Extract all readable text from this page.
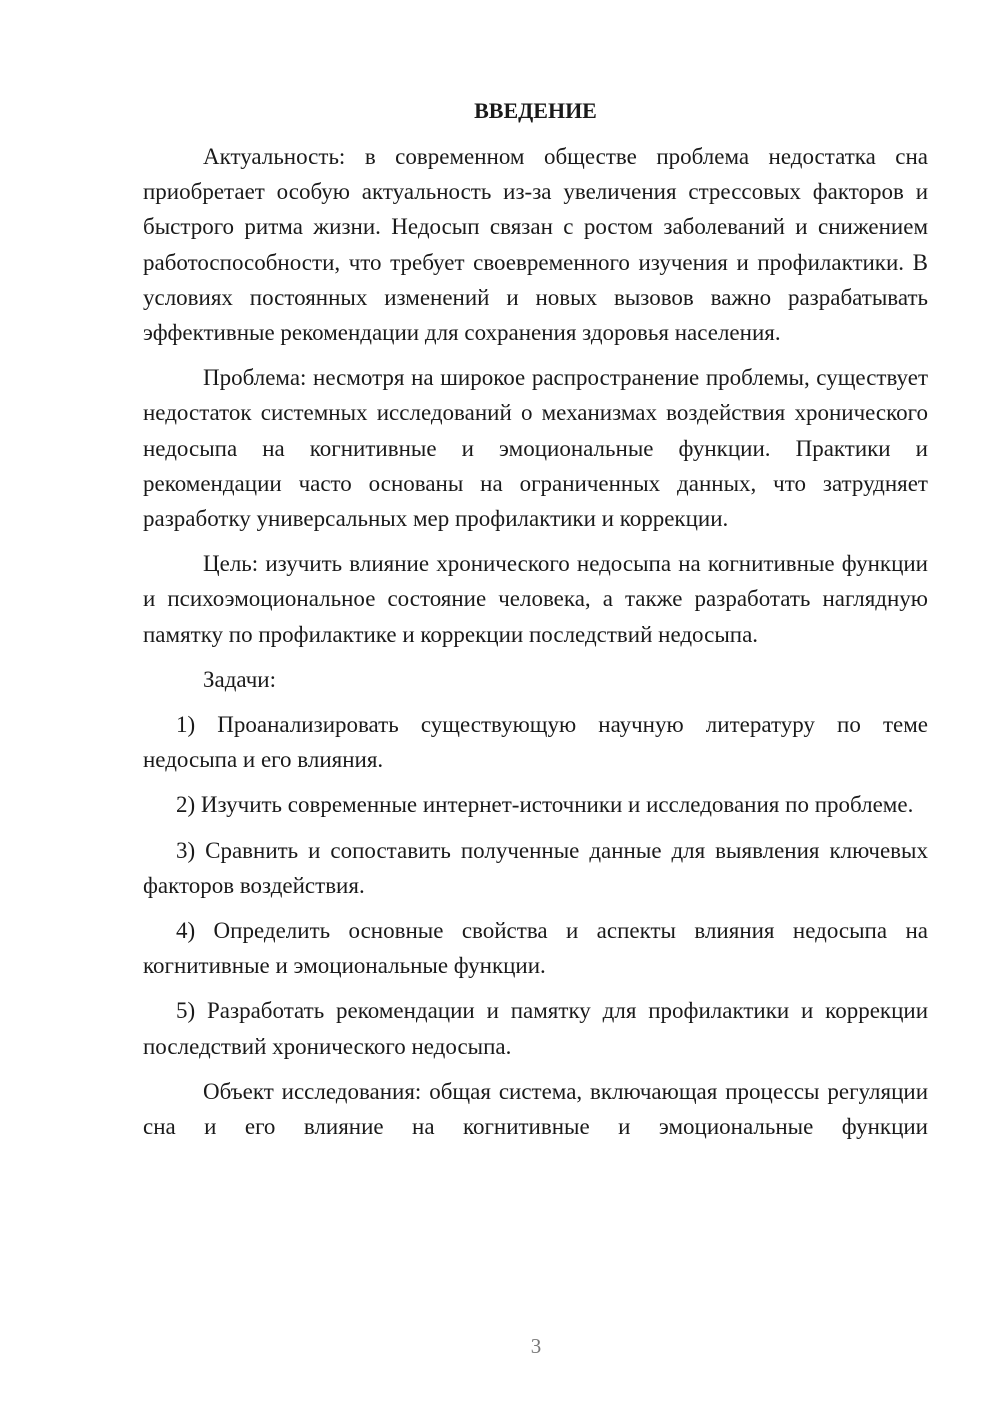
ВВЕДЕНИЕ

Актуальность: в современном обществе проблема недостатка сна приобретает особую актуальность из-за увеличения стрессовых факторов и быстрого ритма жизни. Недосып связан с ростом заболеваний и снижением работоспособности, что требует своевременного изучения и профилактики. В условиях постоянных изменений и новых вызовов важно разрабатывать эффективные рекомендации для сохранения здоровья населения.

Проблема: несмотря на широкое распространение проблемы, существует недостаток системных исследований о механизмах воздействия хронического недосыпа на когнитивные и эмоциональные функции. Практики и рекомендации часто основаны на ограниченных данных, что затрудняет разработку универсальных мер профилактики и коррекции.

Цель: изучить влияние хронического недосыпа на когнитивные функции и психоэмоциональное состояние человека, а также разработать наглядную памятку по профилактике и коррекции последствий недосыпа.

Задачи:

1) Проанализировать существующую научную литературу по теме недосыпа и его влияния.

2) Изучить современные интернет-источники и исследования по проблеме.

3) Сравнить и сопоставить полученные данные для выявления ключевых факторов воздействия.

4) Определить основные свойства и аспекты влияния недосыпа на когнитивные и эмоциональные функции.

5) Разработать рекомендации и памятку для профилактики и коррекции последствий хронического недосыпа.

Объект исследования: общая система, включающая процессы регуляции сна и его влияние на когнитивные и эмоциональные функции

3
